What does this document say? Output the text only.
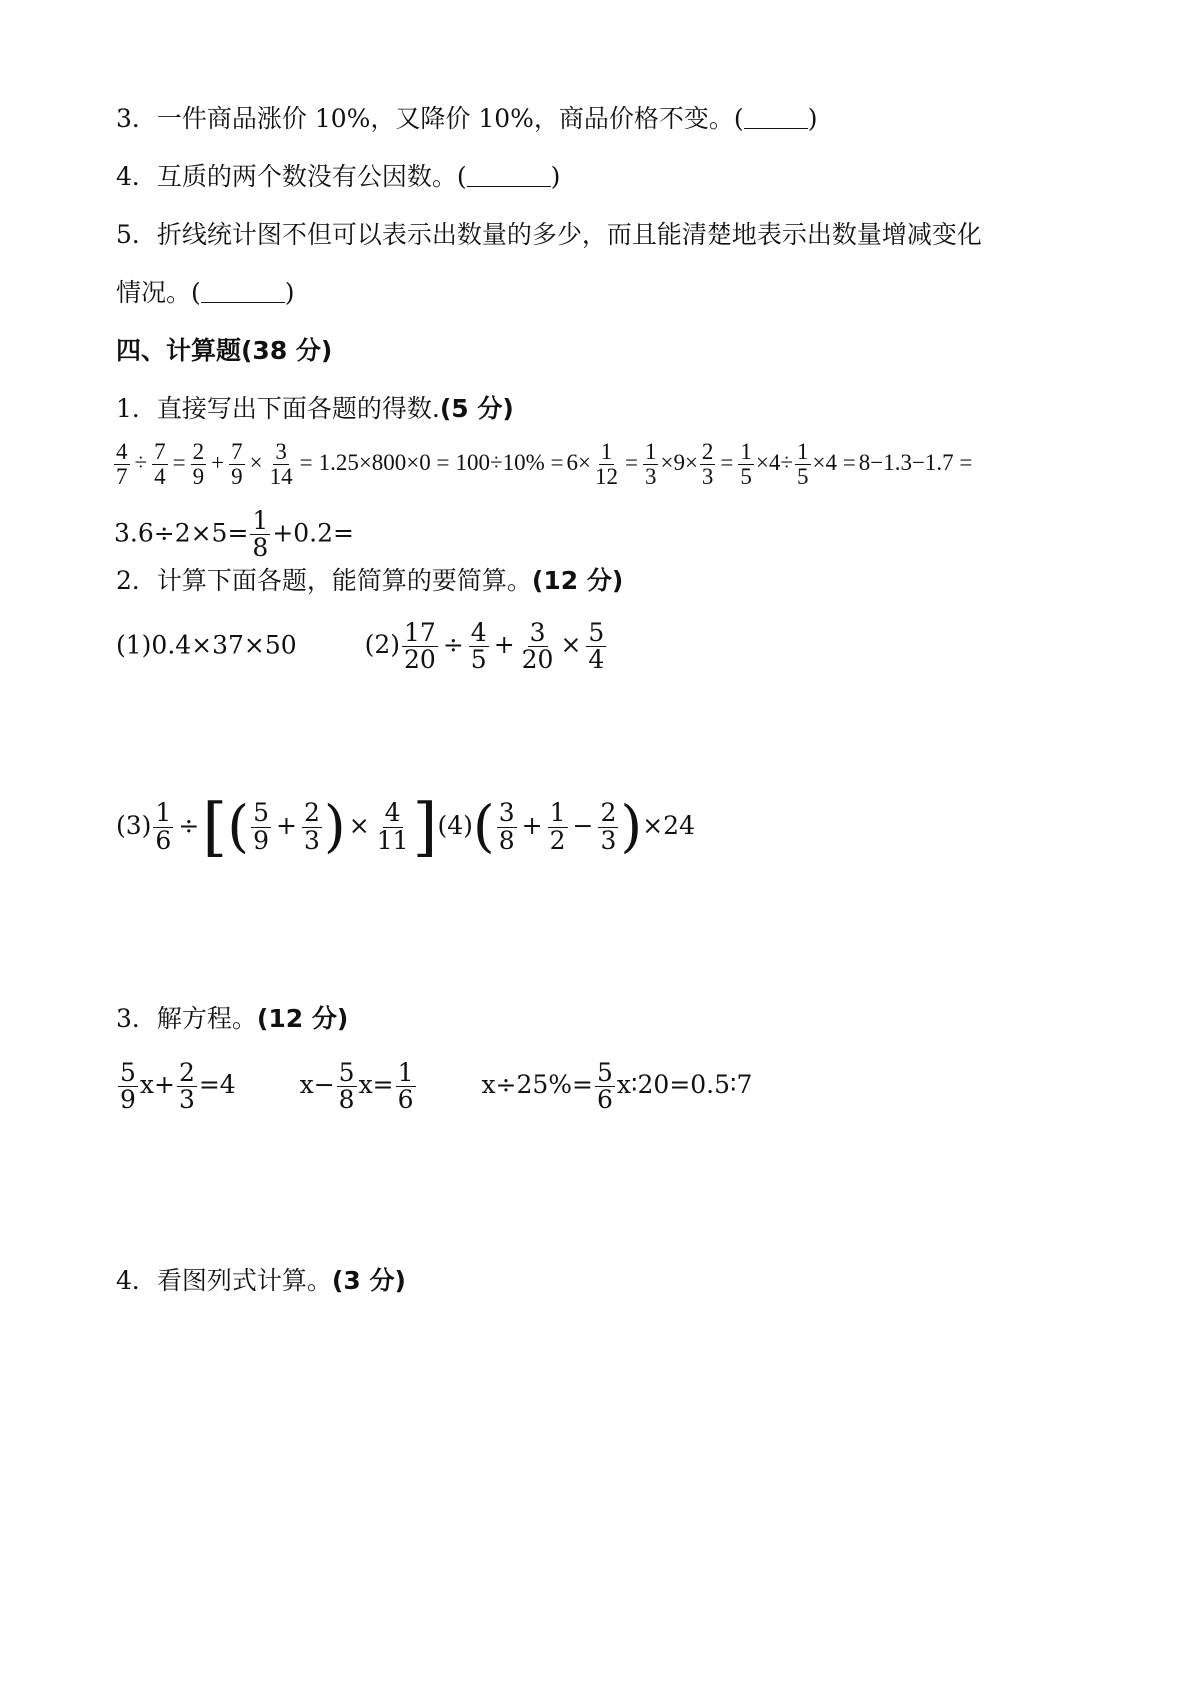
3．一件商品涨价 10%，又降价 10%，商品价格不变。(	)
4．互质的两个数没有公因数。(	)
5．折线统计图不但可以表示出数量的多少，而且能清楚地表示出数量增减变化
情况。(	)
四、计算题(38 分)
1．直接写出下面各题的得数.(5 分)
$\frac{4}{7} \div \frac{7}{4} = \frac{2}{9} + \frac{7}{9} \times \frac{3}{14} = 1.25\times 800\times 0 = 100\div 10\% = 6\times \frac{1}{12} = \frac{1}{3} \times 9\times \frac{2}{3} = \frac{1}{5} \times 4\div \frac{1}{5} \times 4 = 8-1.3-1.7$ =
$3.6\div 2\times 5= \frac{1}{8} +0.2=$
2．计算下面各题，能简算的要简算。(12 分)
(1)0.4×37×50	$(2) \frac{17}{20} \div \frac{4}{5} + \frac{3}{20} \times \frac{5}{4}$
$(3) \frac{1}{6}$ ÷[( $\frac{5}{9} + \frac{2}{3}$ ) × $\frac{4}{11} ](4)( \frac{3}{8} + \frac{1}{2} - \frac{2}{3} )\times 24$
3．解方程。(12 分)
$\frac{5}{9} x+ \frac{2}{3} =4$	$x- \frac{5}{8} x= \frac{1}{6}$	$x\div 25\%= \frac{5}{6}$ x∶20=0.5∶7
4．看图列式计算。(3 分)
